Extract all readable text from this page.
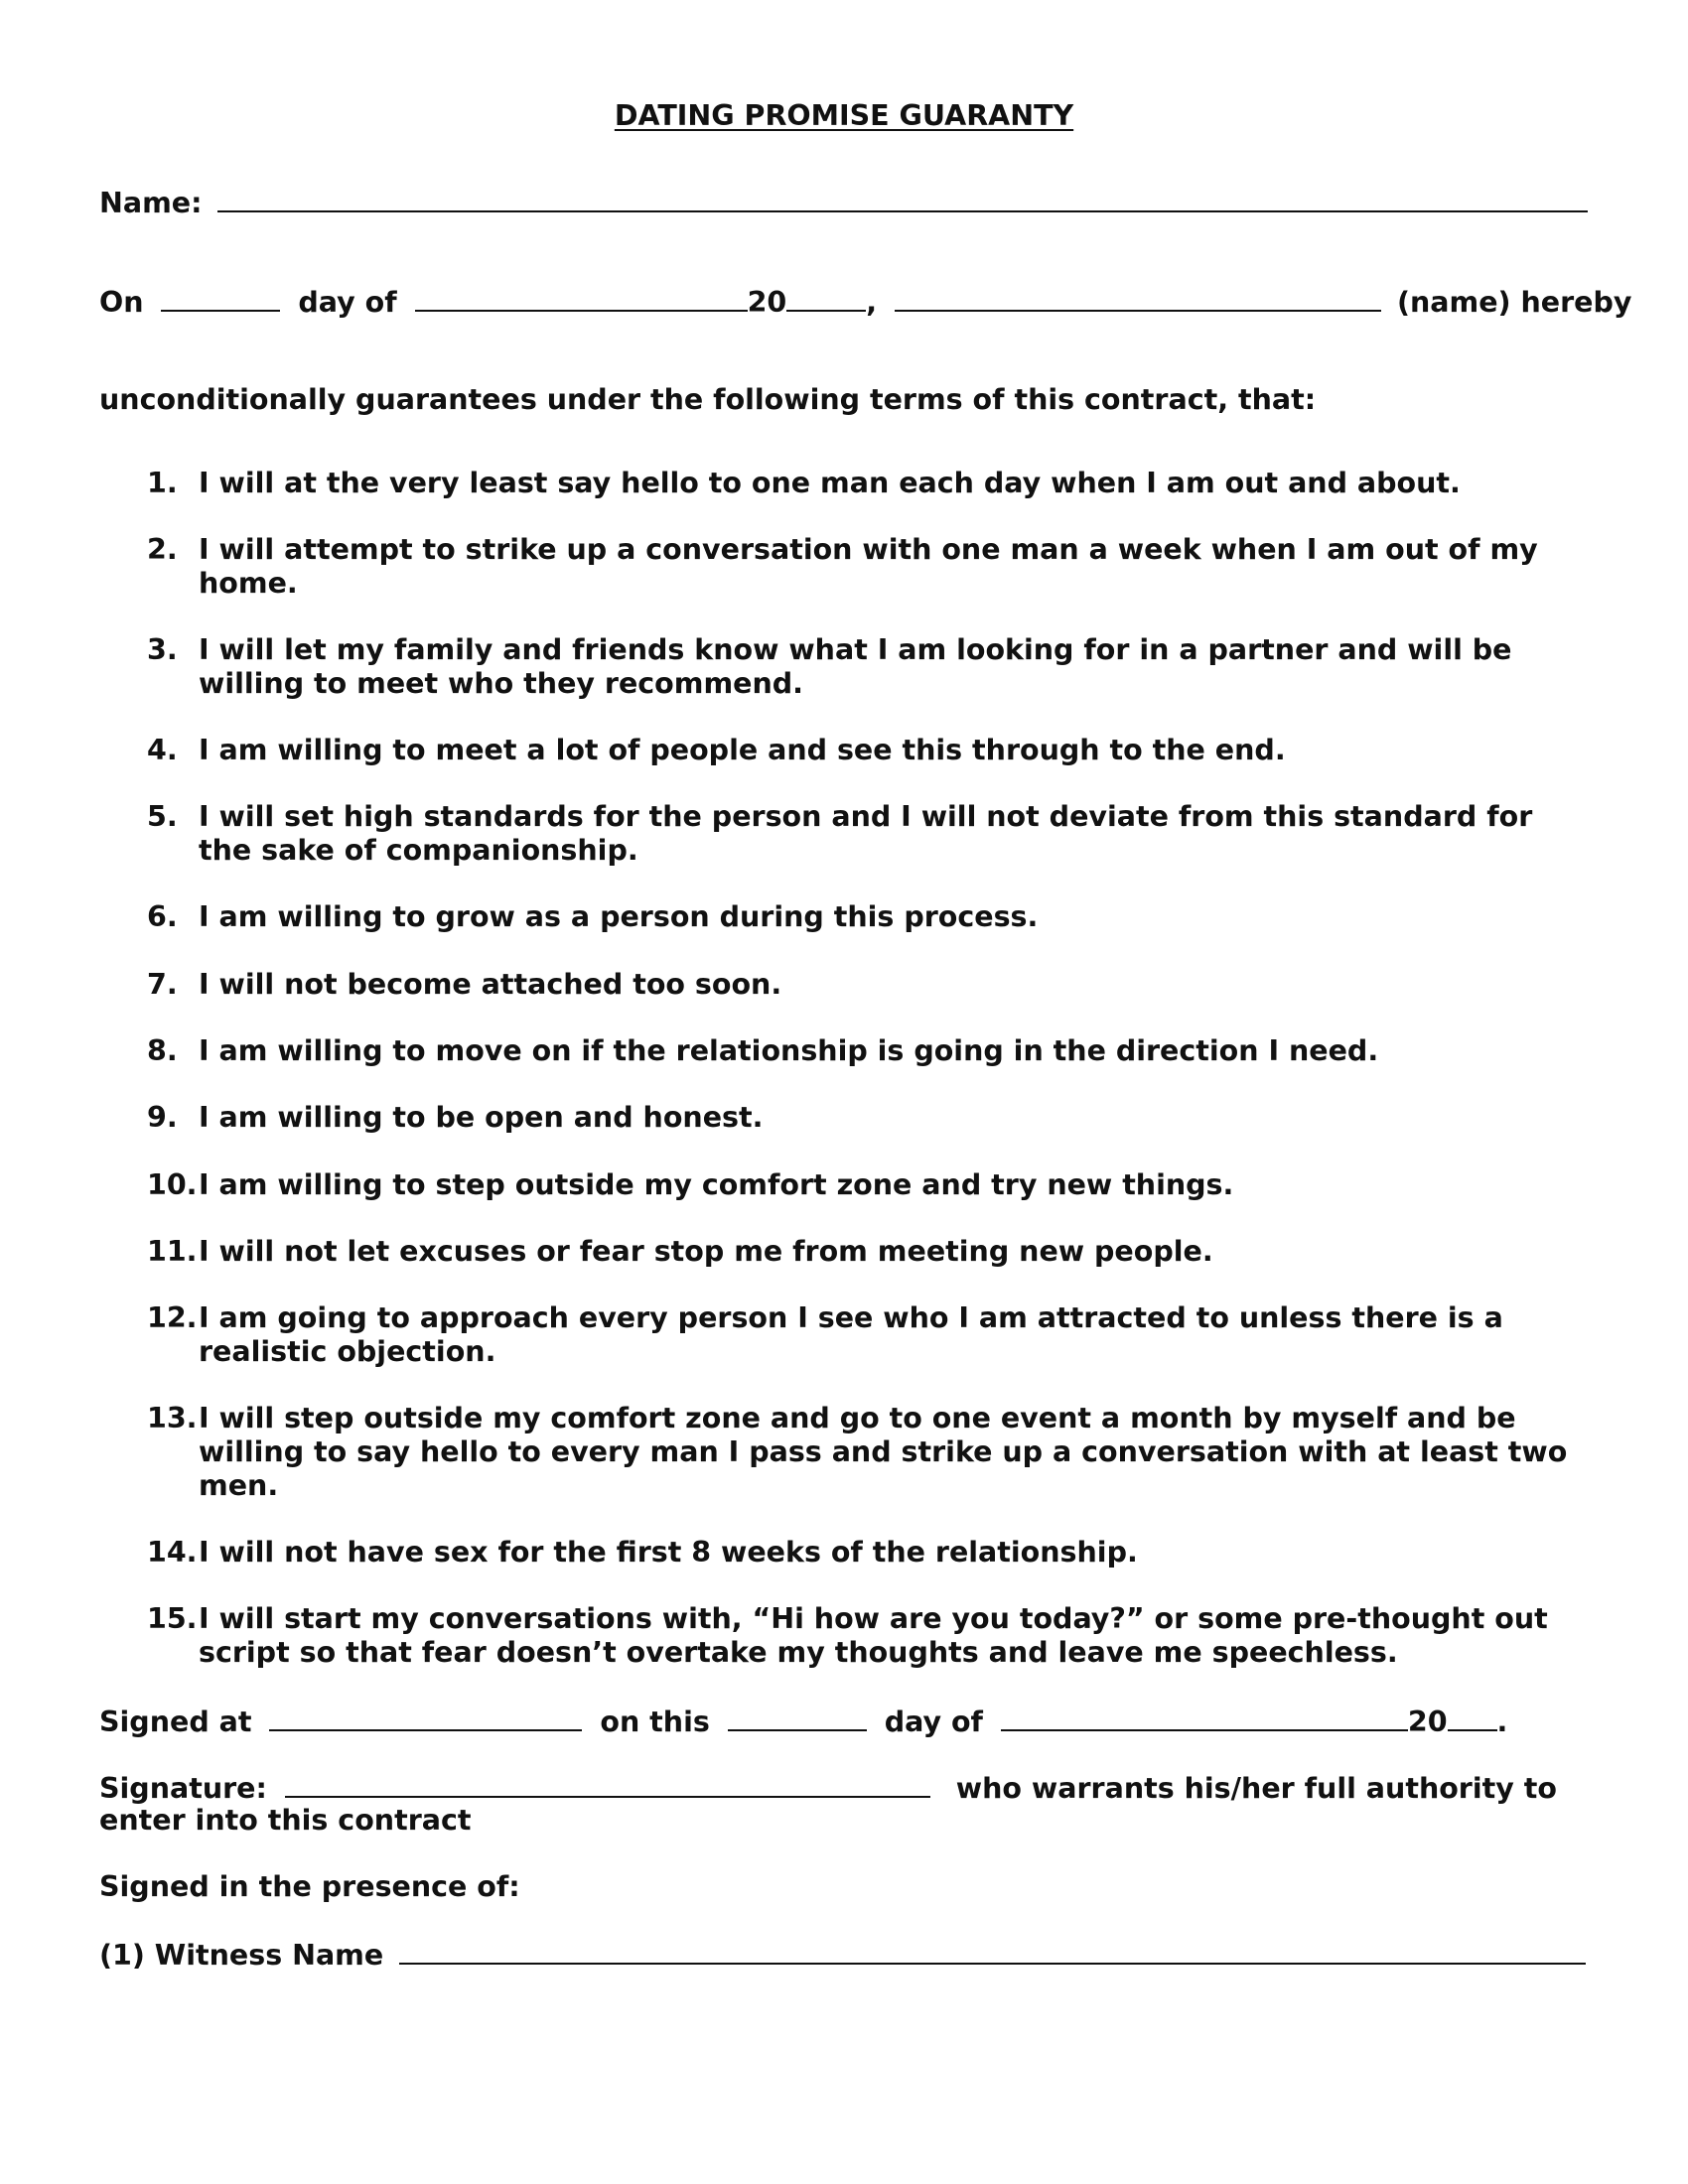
DATING PROMISE GUARANTY
Name:
On	day of	20	,	(name) hereby
unconditionally guarantees under the following terms of this contract, that:
1. I will at the very least say hello to one man each day when I am out and about.
2. I will attempt to strike up a conversation with one man a week when I am out of my home.
3. I will let my family and friends know what I am looking for in a partner and will be willing to meet who they recommend.
4. I am willing to meet a lot of people and see this through to the end.
5. I will set high standards for the person and I will not deviate from this standard for the sake of companionship.
6. I am willing to grow as a person during this process.
7. I will not become attached too soon.
8. I am willing to move on if the relationship is going in the direction I need.
9. I am willing to be open and honest.
10. I am willing to step outside my comfort zone and try new things.
11. I will not let excuses or fear stop me from meeting new people.
12. I am going to approach every person I see who I am attracted to unless there is a realistic objection.
13. I will step outside my comfort zone and go to one event a month by myself and be willing to say hello to every man I pass and strike up a conversation with at least two men.
14. I will not have sex for the first 8 weeks of the relationship.
15. I will start my conversations with, “Hi how are you today?” or some pre-thought out script so that fear doesn’t overtake my thoughts and leave me speechless.
Signed at	on this	day of	20 .
Signature:	who warrants his/her full authority to
enter into this contract
Signed in the presence of:
(1) Witness Name
